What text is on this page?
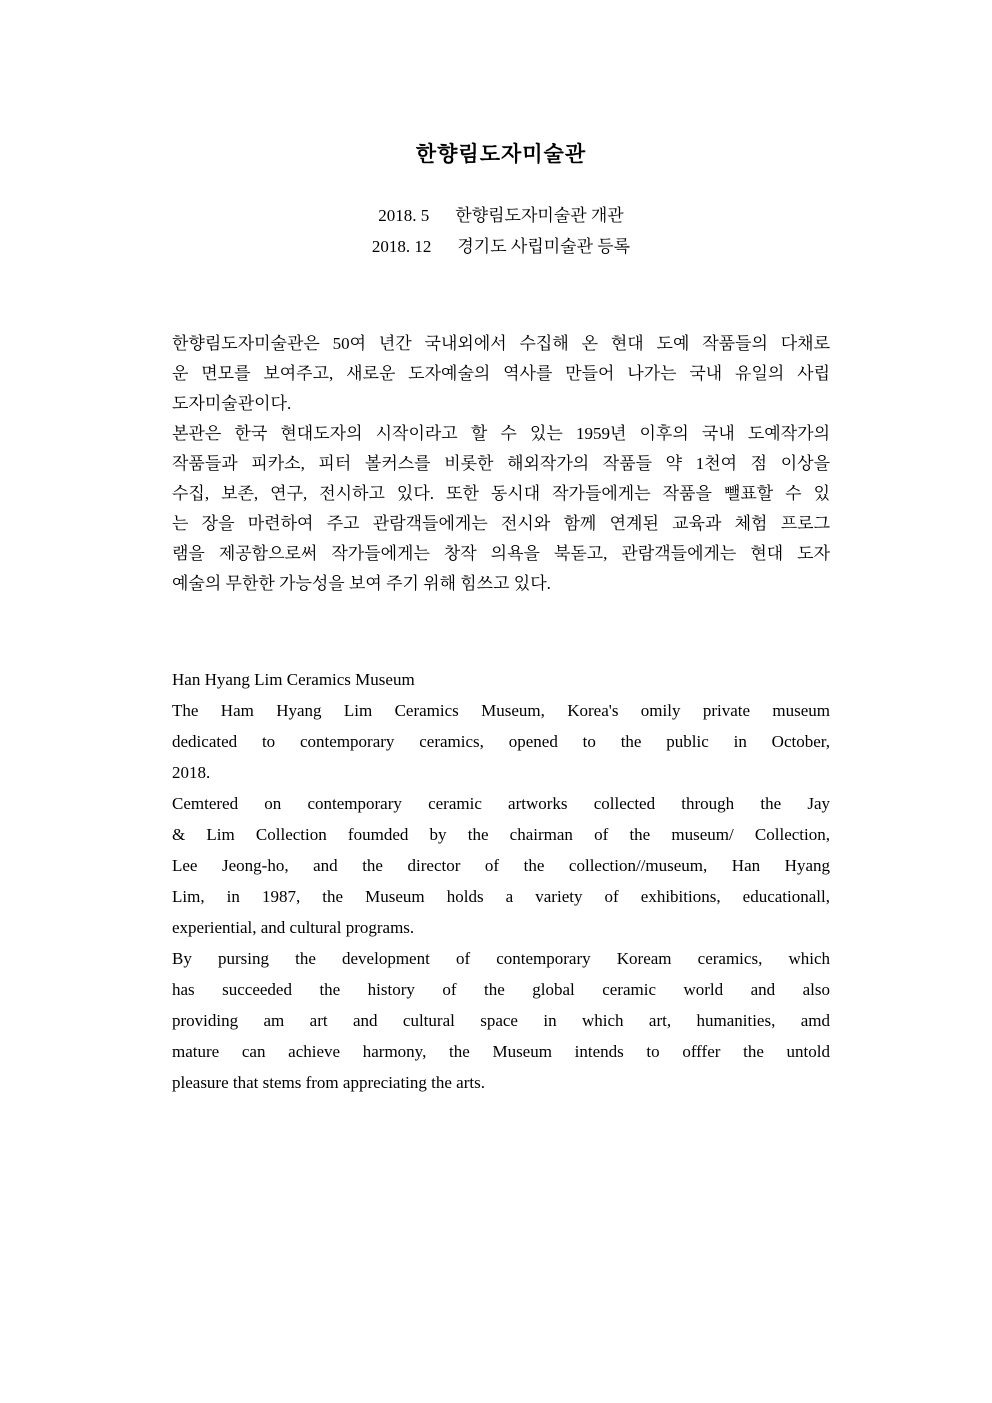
한향림도자미술관
2018. 5 한향림도자미술관 개관
2018. 12 경기도 사립미술관 등록
한향림도자미술관은 50여 년간 국내외에서 수집해 온 현대 도예 작품들의 다채로
운 면모를 보여주고, 새로운 도자예술의 역사를 만들어 나가는 국내 유일의 사립
도자미술관이다.
본관은 한국 현대도자의 시작이라고 할 수 있는 1959년 이후의 국내 도예작가의
작품들과 피카소, 피터 볼커스를 비롯한 해외작가의 작품들 약 1천여 점 이상을
수집, 보존, 연구, 전시하고 있다. 또한 동시대 작가들에게는 작품을 뺄표할 수 있
는 장을 마련하여 주고 관람객들에게는 전시와 함께 연계된 교육과 체험 프로그
램을 제공함으로써 작가들에게는 창작 의욕을 북돋고, 관람객들에게는 현대 도자
예술의 무한한 가능성을 보여 주기 위해 힘쓰고 있다.
Han Hyang Lim Ceramics Museum
The Ham Hyang Lim Ceramics Museum, Korea's omily private museum
dedicated to contemporary ceramics, opened to the public in October,
2018.
Cemtered on contemporary ceramic artworks collected through the Jay
& Lim Collection foumded by the chairman of the museum/ Collection,
Lee Jeong-ho, and the director of the collection//museum, Han Hyang
Lim, in 1987, the Museum holds a variety of exhibitions, educationall,
experiential, and cultural programs.
By pursing the development of contemporary Koream ceramics, which
has succeeded the history of the global ceramic world and also
providing am art and cultural space in which art, humanities, amd
mature can achieve harmony, the Museum intends to offfer the untold
pleasure that stems from appreciating the arts.
